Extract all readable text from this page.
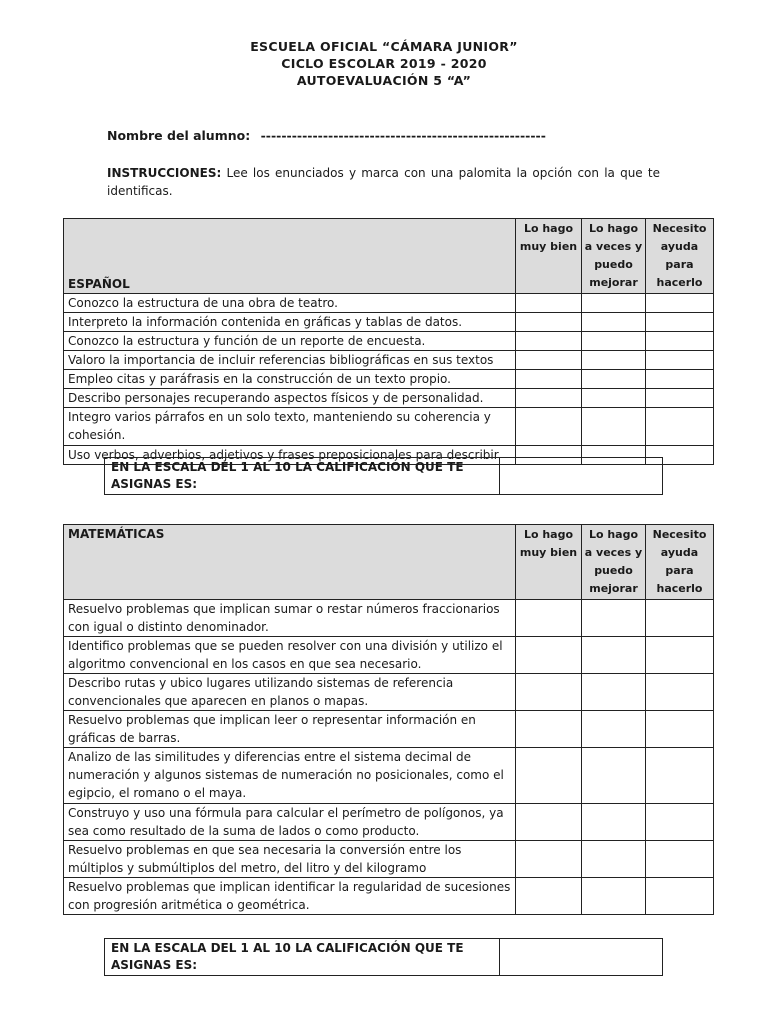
ESCUELA OFICIAL “CÁMARA JUNIOR”
CICLO ESCOLAR 2019 - 2020
AUTOEVALUACIÓN 5 “A”
Nombre del alumno: -------------------------------------------------------
INSTRUCCIONES: Lee los enunciados y marca con una palomita la opción con la que te identificas.
ESPAÑOL	Lo hago muy bien	Lo hago a veces y puedo mejorar	Necesito ayuda para hacerlo
Conozco la estructura de una obra de teatro.			
Interpreto la información contenida en gráficas y tablas de datos.			
Conozco la estructura y función de un reporte de encuesta.			
Valoro la importancia de incluir referencias bibliográficas en sus textos			
Empleo citas y paráfrasis en la construcción de un texto propio.			
Describo personajes recuperando aspectos físicos y de personalidad.			
Integro varios párrafos en un solo texto, manteniendo su coherencia y cohesión.			
Uso verbos, adverbios, adjetivos y frases preposicionales para describir			
EN LA ESCALA DEL 1 AL 10 LA CALIFICACIÓN QUE TE ASIGNAS ES:	
MATEMÁTICAS	Lo hago muy bien	Lo hago a veces y puedo mejorar	Necesito ayuda para hacerlo
Resuelvo problemas que implican sumar o restar números fraccionarios con igual o distinto denominador.			
Identifico problemas que se pueden resolver con una división y utilizo el algoritmo convencional en los casos en que sea necesario.			
Describo rutas y ubico lugares utilizando sistemas de referencia convencionales que aparecen en planos o mapas.			
Resuelvo problemas que implican leer o representar información en gráficas de barras.			
Analizo de las similitudes y diferencias entre el sistema decimal de numeración y algunos sistemas de numeración no posicionales, como el egipcio, el romano o el maya.			
Construyo y uso una fórmula para calcular el perímetro de polígonos, ya sea como resultado de la suma de lados o como producto.			
Resuelvo problemas en que sea necesaria la conversión entre los múltiplos y submúltiplos del metro, del litro y del kilogramo			
Resuelvo problemas que implican identificar la regularidad de sucesiones con progresión aritmética o geométrica.			
EN LA ESCALA DEL 1 AL 10 LA CALIFICACIÓN QUE TE ASIGNAS ES:	
